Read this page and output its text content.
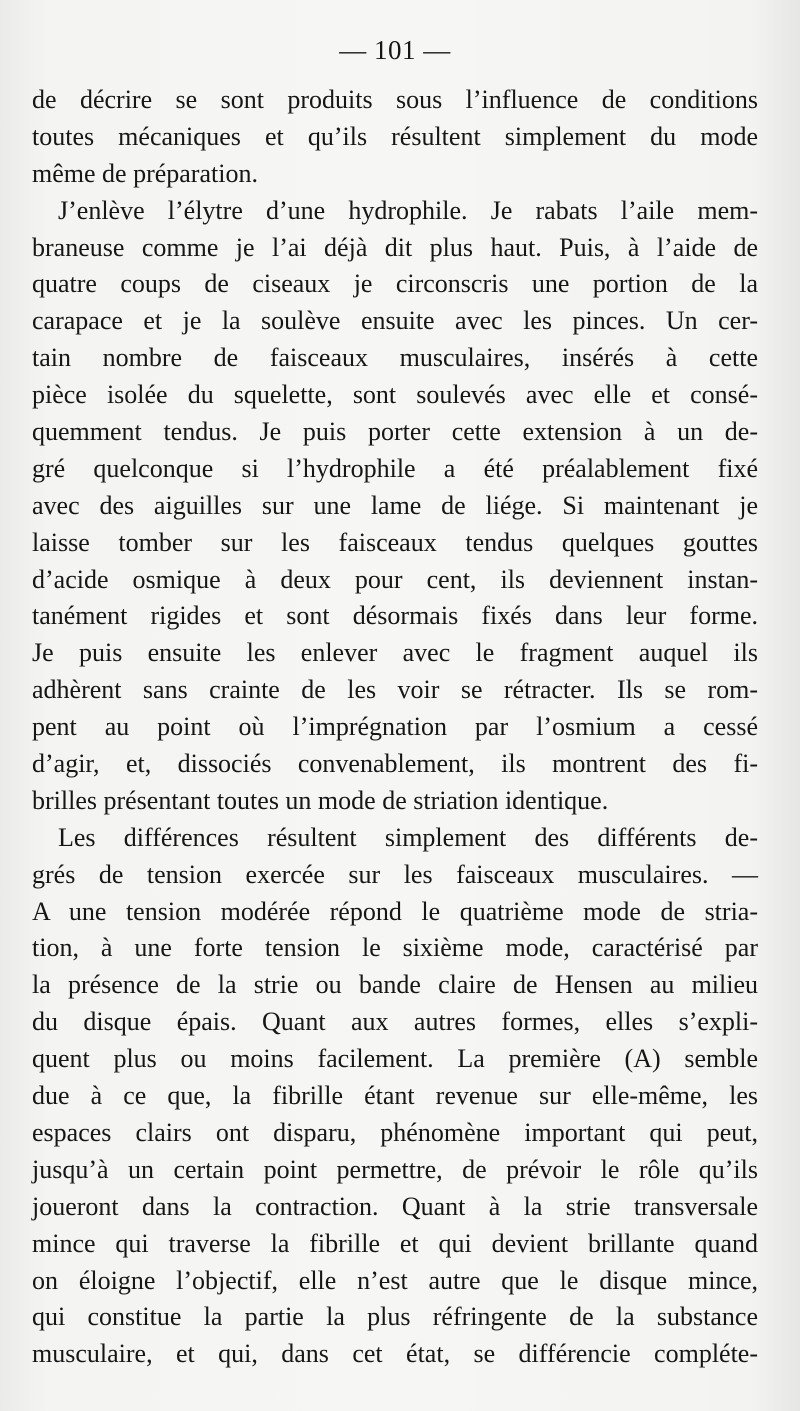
— 101 —
de décrire se sont produits sous l’influence de conditions
toutes mécaniques et qu’ils résultent simplement du mode
même de préparation.
J’enlève l’élytre d’une hydrophile. Je rabats l’aile mem-
braneuse comme je l’ai déjà dit plus haut. Puis, à l’aide de
quatre coups de ciseaux je circonscris une portion de la
carapace et je la soulève ensuite avec les pinces. Un cer-
tain nombre de faisceaux musculaires, insérés à cette
pièce isolée du squelette, sont soulevés avec elle et consé-
quemment tendus. Je puis porter cette extension à un de-
gré quelconque si l’hydrophile a été préalablement fixé
avec des aiguilles sur une lame de liége. Si maintenant je
laisse tomber sur les faisceaux tendus quelques gouttes
d’acide osmique à deux pour cent, ils deviennent instan-
tanément rigides et sont désormais fixés dans leur forme.
Je puis ensuite les enlever avec le fragment auquel ils
adhèrent sans crainte de les voir se rétracter. Ils se rom-
pent au point où l’imprégnation par l’osmium a cessé
d’agir, et, dissociés convenablement, ils montrent des fi-
brilles présentant toutes un mode de striation identique.
Les différences résultent simplement des différents de-
grés de tension exercée sur les faisceaux musculaires. —
A une tension modérée répond le quatrième mode de stria-
tion, à une forte tension le sixième mode, caractérisé par
la présence de la strie ou bande claire de Hensen au milieu
du disque épais. Quant aux autres formes, elles s’expli-
quent plus ou moins facilement. La première (A) semble
due à ce que, la fibrille étant revenue sur elle-même, les
espaces clairs ont disparu, phénomène important qui peut,
jusqu’à un certain point permettre, de prévoir le rôle qu’ils
joueront dans la contraction. Quant à la strie transversale
mince qui traverse la fibrille et qui devient brillante quand
on éloigne l’objectif, elle n’est autre que le disque mince,
qui constitue la partie la plus réfringente de la substance
musculaire, et qui, dans cet état, se différencie compléte-
